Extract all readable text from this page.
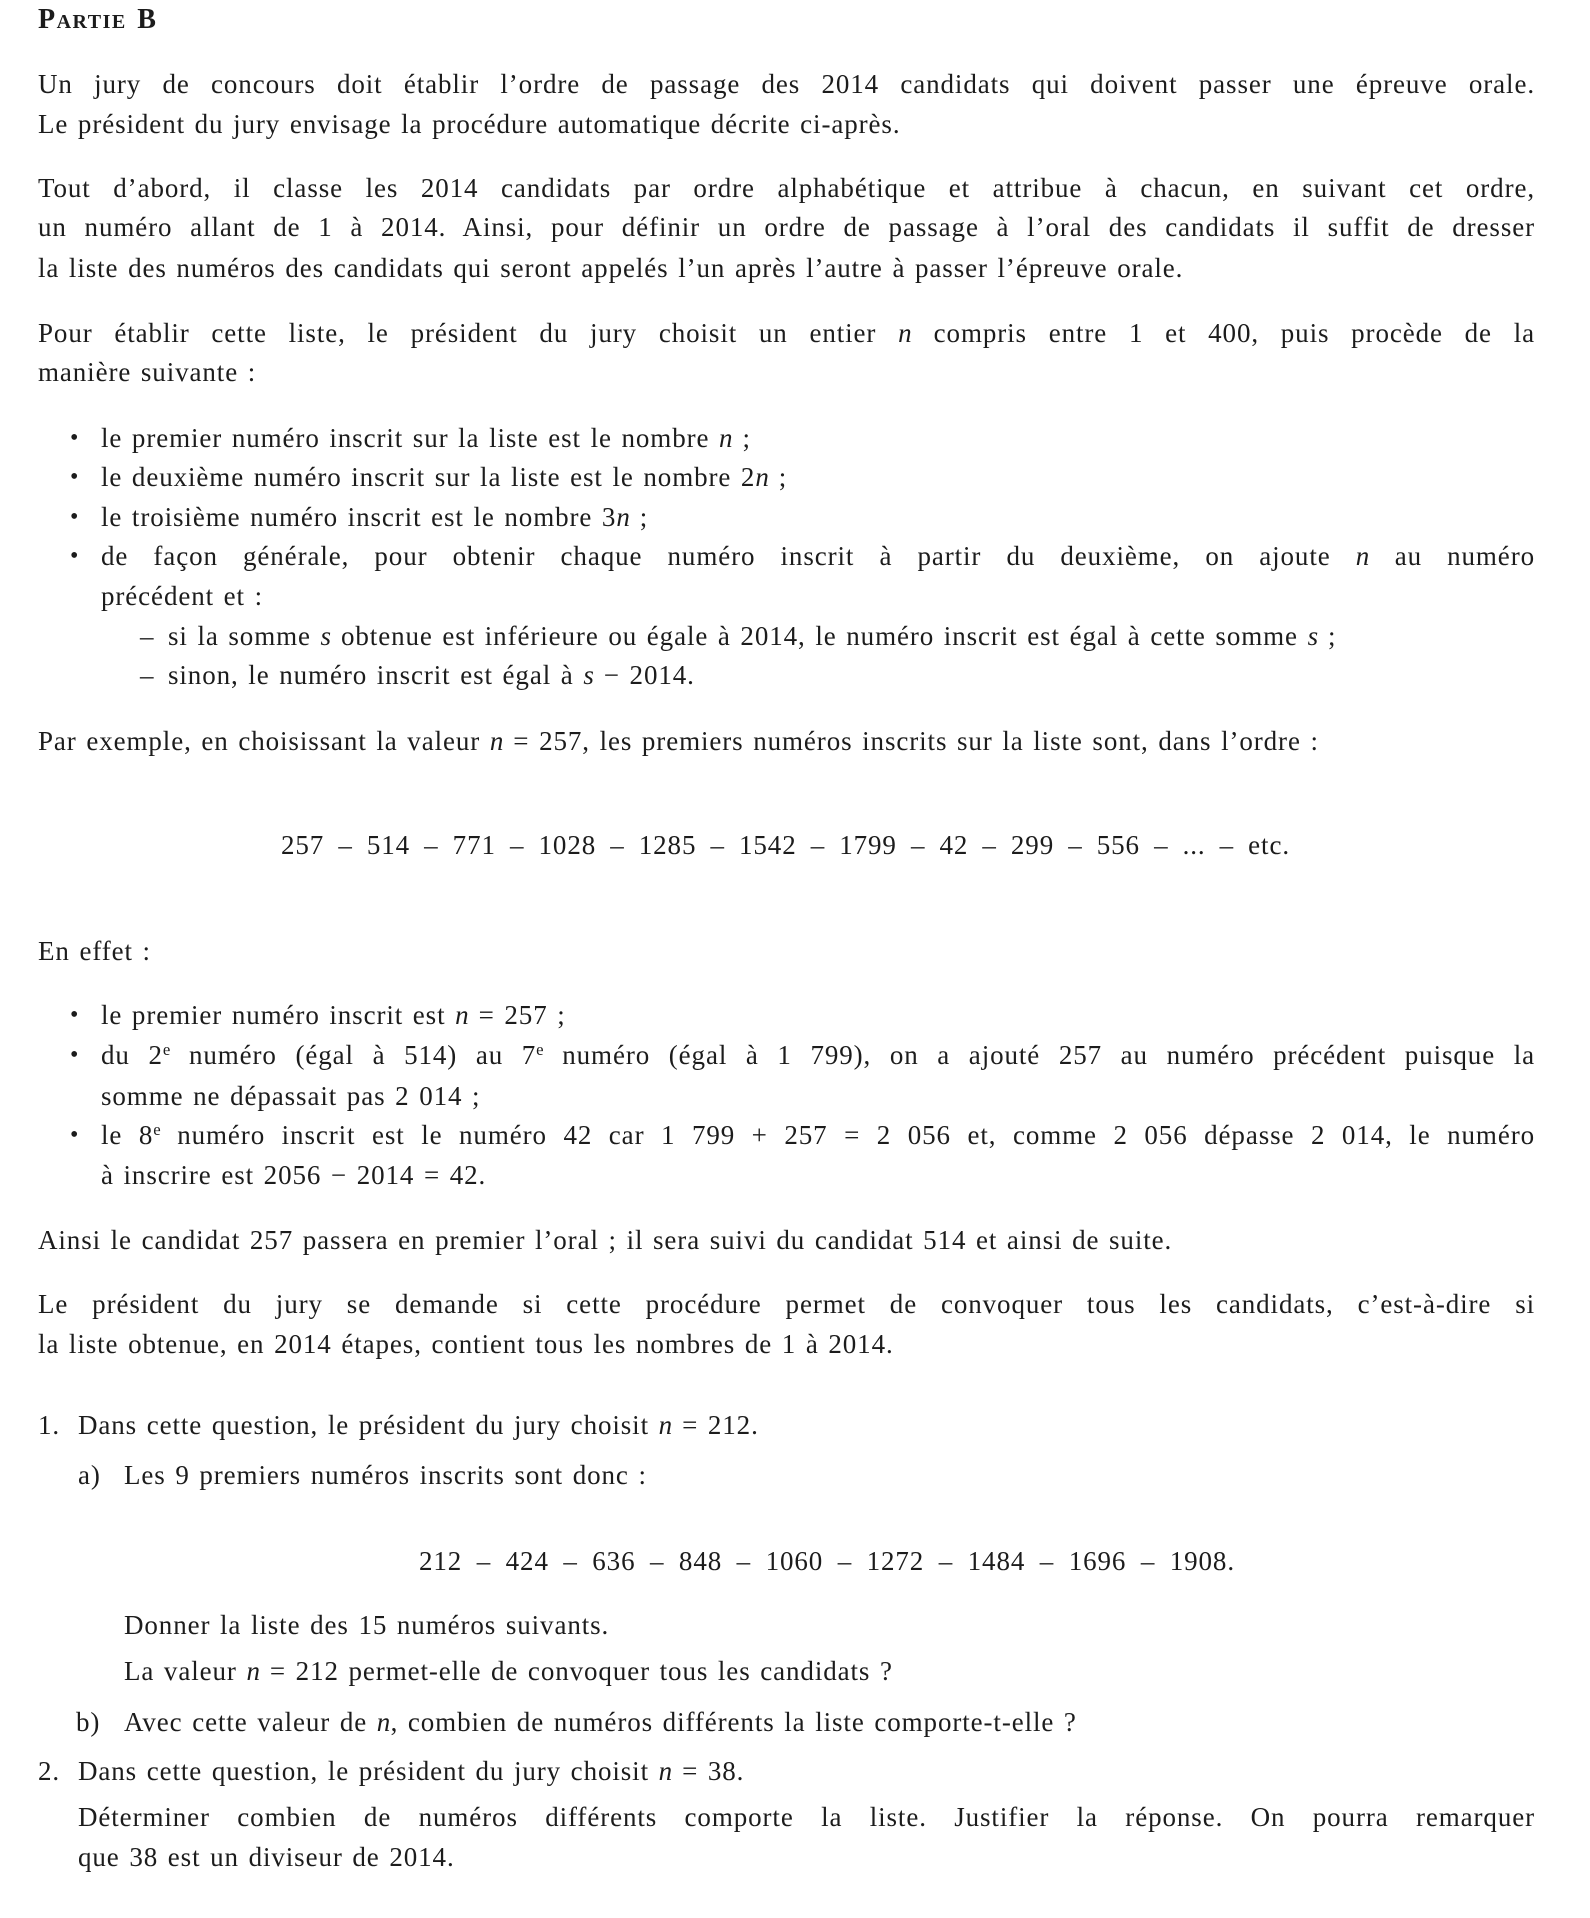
Partie B
Un jury de concours doit établir l’ordre de passage des 2014 candidats qui doivent passer une épreuve orale.
Le président du jury envisage la procédure automatique décrite ci-après.
Tout d’abord, il classe les 2014 candidats par ordre alphabétique et attribue à chacun, en suivant cet ordre,
un numéro allant de 1 à 2014. Ainsi, pour définir un ordre de passage à l’oral des candidats il suffit de dresser
la liste des numéros des candidats qui seront appelés l’un après l’autre à passer l’épreuve orale.
Pour établir cette liste, le président du jury choisit un entier n compris entre 1 et 400, puis procède de la
manière suivante :
• le premier numéro inscrit sur la liste est le nombre n ;
• le deuxième numéro inscrit sur la liste est le nombre 2n ;
• le troisième numéro inscrit est le nombre 3n ;
• de façon générale, pour obtenir chaque numéro inscrit à partir du deuxième, on ajoute n au numéro
précédent et :
– si la somme s obtenue est inférieure ou égale à 2014, le numéro inscrit est égal à cette somme s ;
– sinon, le numéro inscrit est égal à s − 2014.
Par exemple, en choisissant la valeur n = 257, les premiers numéros inscrits sur la liste sont, dans l’ordre :
257 – 514 – 771 – 1028 – 1285 – 1542 – 1799 – 42 – 299 – 556 – ... – etc.
En effet :
• le premier numéro inscrit est n = 257 ;
• du 2e numéro (égal à 514) au 7e numéro (égal à 1 799), on a ajouté 257 au numéro précédent puisque la
somme ne dépassait pas 2 014 ;
• le 8e numéro inscrit est le numéro 42 car 1 799 + 257 = 2 056 et, comme 2 056 dépasse 2 014, le numéro
à inscrire est 2056 − 2014 = 42.
Ainsi le candidat 257 passera en premier l’oral ; il sera suivi du candidat 514 et ainsi de suite.
Le président du jury se demande si cette procédure permet de convoquer tous les candidats, c’est-à-dire si
la liste obtenue, en 2014 étapes, contient tous les nombres de 1 à 2014.
1. Dans cette question, le président du jury choisit n = 212.
a) Les 9 premiers numéros inscrits sont donc :
212 – 424 – 636 – 848 – 1060 – 1272 – 1484 – 1696 – 1908.
Donner la liste des 15 numéros suivants.
La valeur n = 212 permet-elle de convoquer tous les candidats ?
b) Avec cette valeur de n, combien de numéros différents la liste comporte-t-elle ?
2. Dans cette question, le président du jury choisit n = 38.
Déterminer combien de numéros différents comporte la liste. Justifier la réponse. On pourra remarquer
que 38 est un diviseur de 2014.
